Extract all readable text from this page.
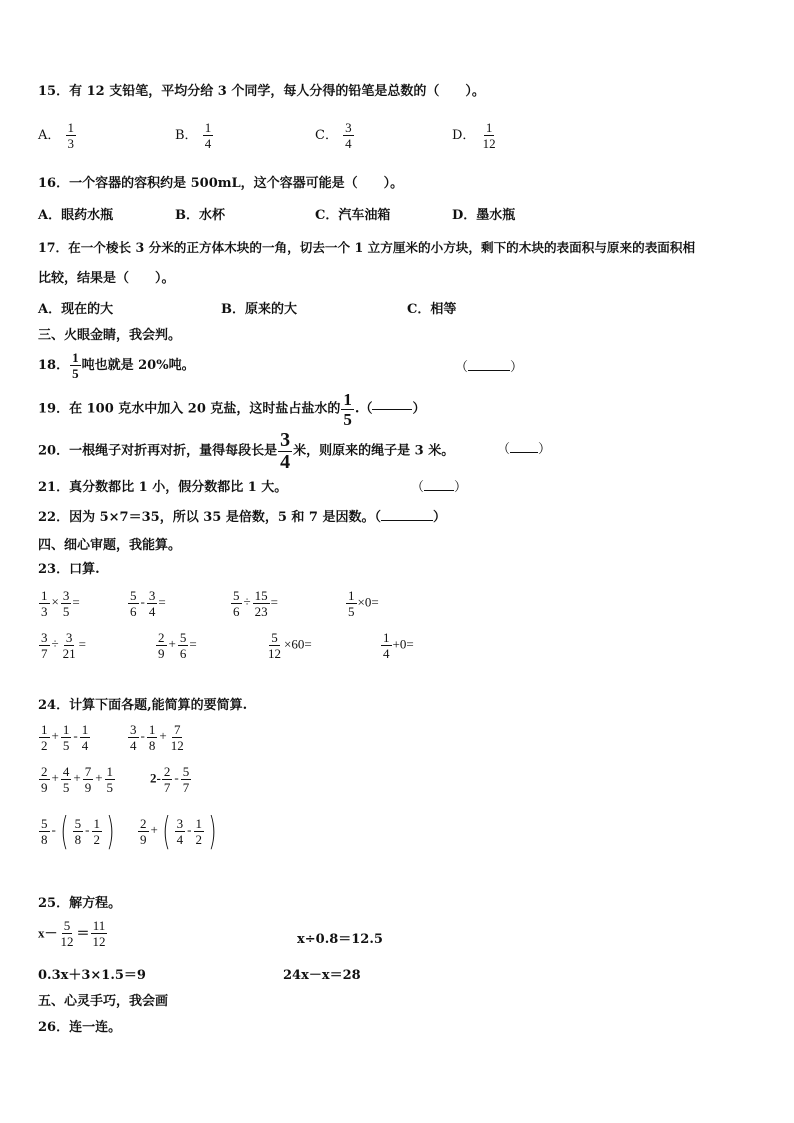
15．有 12 支铅笔，平均分给 3 个同学，每人分得的铅笔是总数的（　　）。
A． $\frac{1}{3}$	B． $\frac{1}{4}$	C． $\frac{3}{4}$	D． $\frac{1}{12}$
16．一个容器的容积约是 500mL，这个容器可能是（　　）。
A．眼药水瓶	B．水杯	C．汽车油箱	D．墨水瓶
17．在一个棱长 3 分米的正方体木块的一角，切去一个 1 立方厘米的小方块，剩下的木块的表面积与原来的表面积相
比较，结果是（　　）。
A．现在的大	B．原来的大	C．相等
三、火眼金睛，我会判。
18． $\frac{1}{5}$ 吨也就是 20%吨。	（	）
19．在 100 克水中加入 20 克盐，这时盐占盐水的 $\frac{1}{5}$ .（	）
20．一根绳子对折再对折，量得每段长是 $\frac{3}{4}$ 米，则原来的绳子是 3 米。	（ ）
21．真分数都比 1 小，假分数都比 1 大。	（ ）
22．因为 5×7＝35，所以 35 是倍数，5 和 7 是因数。（	）
四、细心审题，我能算。
23．口算.
$\frac{1}{3} \times \frac{3}{5}$ =	$\frac{5}{6} - \frac{3}{4}$ =	$\frac{5}{6} \div \frac{15}{23}$ =	$\frac{1}{5} \times 0=$
$\frac{3}{7} \div \frac{3}{21}$ =	$\frac{2}{9} + \frac{5}{6}$ =	$\frac{5}{12} \times 60=$	$\frac{1}{4} +0=$
24．计算下面各题,能简算的要简算.
$\frac{1}{2} + \frac{1}{5} - \frac{1}{4}$	$\frac{3}{4} - \frac{1}{8} + \frac{7}{12}$
$\frac{2}{9} + \frac{4}{5} + \frac{7}{9} + \frac{1}{5}$	$2- \frac{2}{7} - \frac{5}{7}$
$\frac{5}{8}$ - ( $\frac{5}{8} - \frac{1}{2}$ ) $\frac{2}{9}$ + ( $\frac{3}{4} - \frac{1}{2}$ )
25．解方程。
$x- \frac{5}{12} = \frac{11}{12}$	x÷0.8＝12.5
0.3x＋3×1.5＝9	24x－x＝28
五、心灵手巧，我会画
26．连一连。
